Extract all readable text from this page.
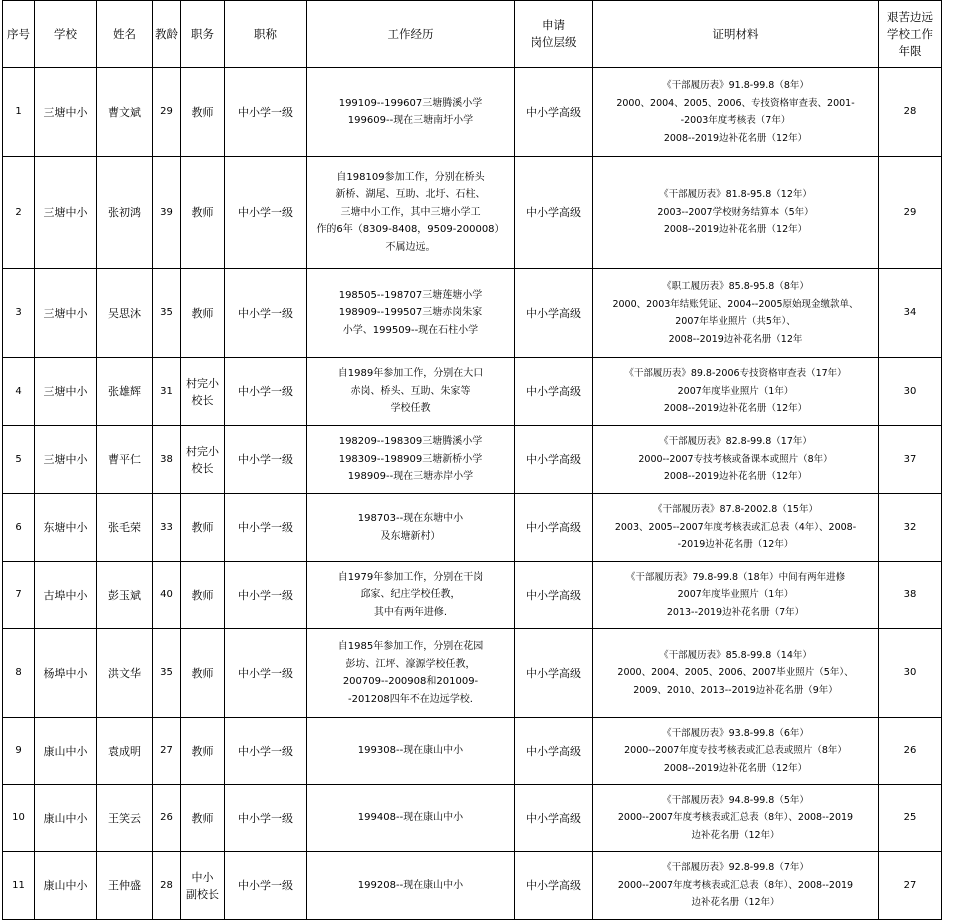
序号	学校	姓名	教龄	职务	职称	工作经历	申请
岗位层级	证明材料	艰苦边远
学校工作
年限

1	三塘中小	曹文斌	29	教师	中小学一级	199109--199607三塘腾溪小学
199609--现在三塘南圩小学	中小学高级	《干部履历表》91.8-99.8（8年）
2000、2004、2005、2006、专技资格审查表、2001-
-2003年度考核表（7年）
2008--2019边补花名册（12年）	28

2	三塘中小	张初鸿	39	教师	中小学一级	自198109参加工作，分别在桥头
新桥、湖尾、互助、北圩、石柱、
三塘中小工作，其中三塘小学工
作的6年（8309-8408，9509-200008）
不属边远。	中小学高级	《干部履历表》81.8-95.8（12年）
2003--2007学校财务结算本（5年）
2008--2019边补花名册（12年）	29

3	三塘中小	吴思沐	35	教师	中小学一级	198505--198707三塘莲塘小学
198909--199507三塘赤岗朱家
小学、199509--现在石柱小学	中小学高级	《职工履历表》85.8-95.8（8年）
2000、2003年结账凭证、2004--2005原始现金缴款单、
2007年毕业照片（共5年）、
2008--2019边补花名册（12年	34

4	三塘中小	张雄辉	31	村完小
校长	中小学一级	自1989年参加工作，分别在大口
赤岗、桥头、互助、朱家等
学校任教	中小学高级	《干部履历表》89.8-2006专技资格审查表（17年）
2007年度毕业照片（1年）
2008--2019边补花名册（12年）	30

5	三塘中小	曹平仁	38	村完小
校长	中小学一级	198209--198309三塘腾溪小学
198309--198909三塘新桥小学
198909--现在三塘赤岸小学	中小学高级	《干部履历表》82.8-99.8（17年）
2000--2007专技考核或备课本或照片（8年）
2008--2019边补花名册（12年）	37

6	东塘中小	张毛荣	33	教师	中小学一级	198703--现在东塘中小
及东塘新村）	中小学高级	《干部履历表》87.8-2002.8（15年）
2003、2005--2007年度考核表或汇总表（4年）、2008-
-2019边补花名册（12年）	32

7	古埠中小	彭玉斌	40	教师	中小学一级	自1979年参加工作，分别在干岗
邱家、纪庄学校任教，
其中有两年进修.	中小学高级	《干部履历表》79.8-99.8（18年）中间有两年进修
2007年度毕业照片（1年）
2013--2019边补花名册（7年）	38

8	杨埠中小	洪文华	35	教师	中小学一级	自1985年参加工作，分别在花园
彭坊、江坪、濠源学校任教，
200709--200908和201009-
-201208四年不在边远学校.	中小学高级	《干部履历表》85.8-99.8（14年）
2000、2004、2005、2006、2007毕业照片（5年）、
2009、2010、2013--2019边补花名册（9年）	30

9	康山中小	袁成明	27	教师	中小学一级	199308--现在康山中小	中小学高级	《干部履历表》93.8-99.8（6年）
2000--2007年度专技考核表或汇总表或照片（8年）
2008--2019边补花名册（12年）	26

10	康山中小	王笑云	26	教师	中小学一级	199408--现在康山中小	中小学高级	《干部履历表》94.8-99.8（5年）
2000--2007年度考核表或汇总表（8年）、2008--2019
边补花名册（12年）	25

11	康山中小	王仲盛	28	中小
副校长	中小学一级	199208--现在康山中小	中小学高级	《干部履历表》92.8-99.8（7年）
2000--2007年度考核表或汇总表（8年）、2008--2019
边补花名册（12年）	27
